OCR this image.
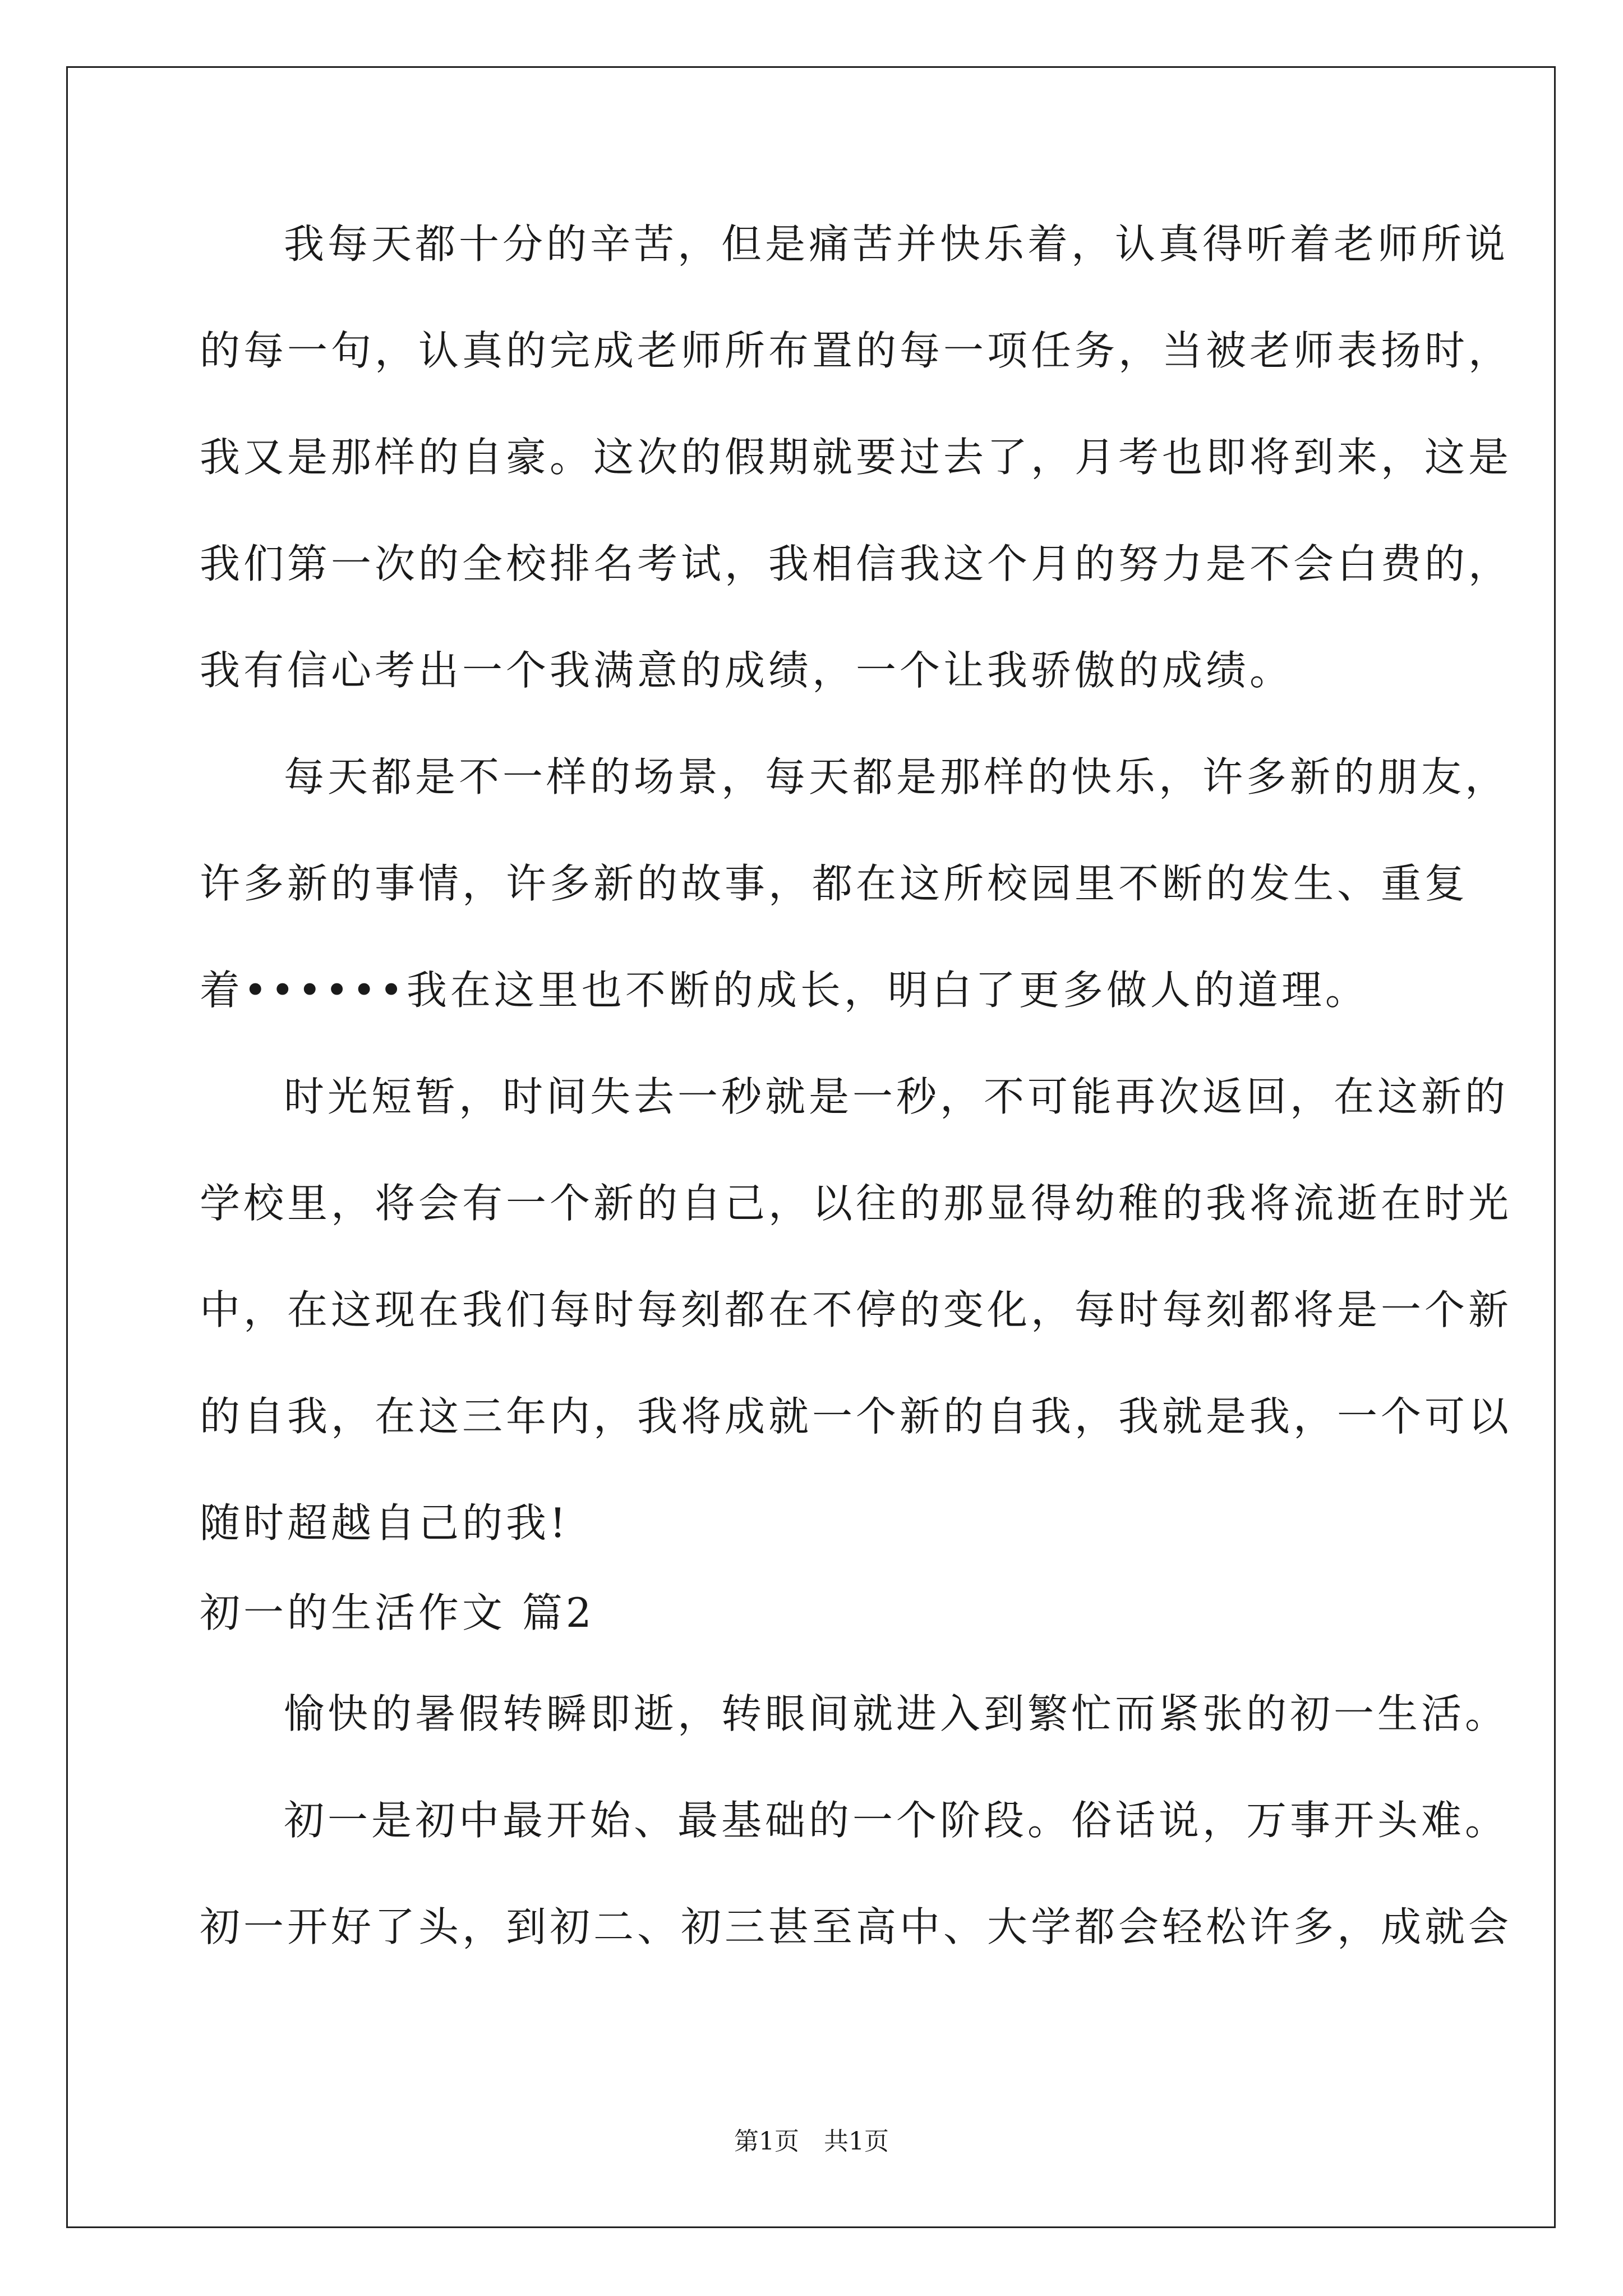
我每天都十分的辛苦，但是痛苦并快乐着，认真得听着老师所说
的每一句，认真的完成老师所布置的每一项任务，当被老师表扬时，
我又是那样的自豪。这次的假期就要过去了，月考也即将到来，这是
我们第一次的全校排名考试，我相信我这个月的努力是不会白费的，
我有信心考出一个我满意的成绩，一个让我骄傲的成绩。
每天都是不一样的场景，每天都是那样的快乐，许多新的朋友，
许多新的事情，许多新的故事，都在这所校园里不断的发生、重复
着••••••我在这里也不断的成长，明白了更多做人的道理。
时光短暂，时间失去一秒就是一秒，不可能再次返回，在这新的
学校里，将会有一个新的自己，以往的那显得幼稚的我将流逝在时光
中，在这现在我们每时每刻都在不停的变化，每时每刻都将是一个新
的自我，在这三年内，我将成就一个新的自我，我就是我，一个可以
随时超越自己的我!
初一的生活作文 篇2
愉快的暑假转瞬即逝，转眼间就进入到繁忙而紧张的初一生活。
初一是初中最开始、最基础的一个阶段。俗话说，万事开头难。
初一开好了头，到初二、初三甚至高中、大学都会轻松许多，成就会
第1页　共1页
